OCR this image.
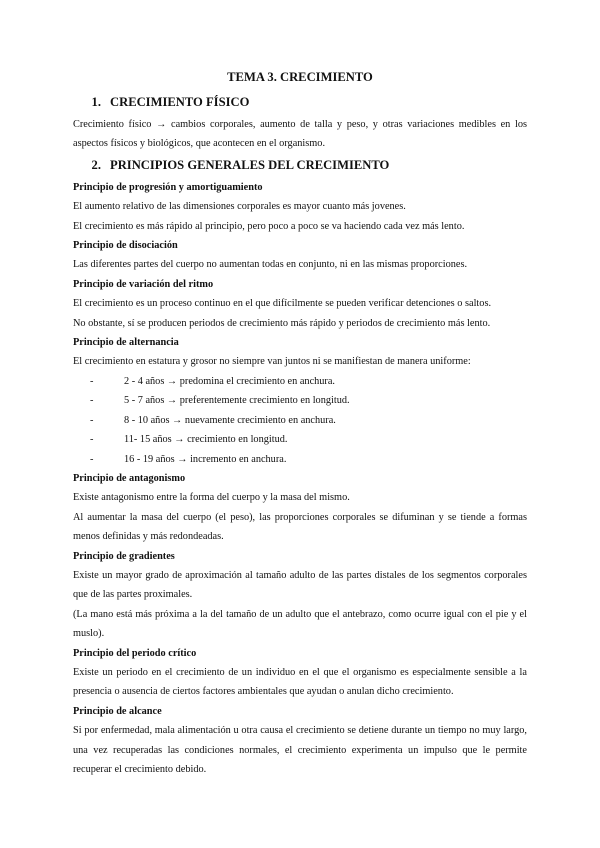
TEMA 3. CRECIMIENTO
1. CRECIMIENTO FÍSICO

Crecimiento físico → cambios corporales, aumento de talla y peso, y otras variaciones medibles en los aspectos físicos y biológicos, que acontecen en el organismo.

2. PRINCIPIOS GENERALES DEL CRECIMIENTO

Principio de progresión y amortiguamiento

El aumento relativo de las dimensiones corporales es mayor cuanto más jovenes.

El crecimiento es más rápido al principio, pero poco a poco se va haciendo cada vez más lento.

Principio de disociación

Las diferentes partes del cuerpo no aumentan todas en conjunto, ni en las mismas proporciones.

Principio de variación del ritmo

El crecimiento es un proceso continuo en el que difícilmente se pueden verificar detenciones o saltos.

No obstante, sí se producen periodos de crecimiento más rápido y periodos de crecimiento más lento.

Principio de alternancia

El crecimiento en estatura y grosor no siempre van juntos ni se manifiestan de manera uniforme:

-	2 - 4 años → predomina el crecimiento en anchura.
-	5 - 7 años → preferentemente crecimiento en longitud.
-	8 - 10 años → nuevamente crecimiento en anchura.
-	11- 15 años → crecimiento en longitud.
-	16 - 19 años → incremento en anchura.

Principio de antagonismo

Existe antagonismo entre la forma del cuerpo y la masa del mismo.

Al aumentar la masa del cuerpo (el peso), las proporciones corporales se difuminan y se tiende a formas menos definidas y más redondeadas.

Principio de gradientes

Existe un mayor grado de aproximación al tamaño adulto de las partes distales de los segmentos corporales que de las partes proximales.

(La mano está más próxima a la del tamaño de un adulto que el antebrazo, como ocurre igual con el pie y el muslo).

Principio del periodo crítico

Existe un periodo en el crecimiento de un individuo en el que el organismo es especialmente sensible a la presencia o ausencia de ciertos factores ambientales que ayudan o anulan dicho crecimiento.

Principio de alcance

Si por enfermedad, mala alimentación u otra causa el crecimiento se detiene durante un tiempo no muy largo, una vez recuperadas las condiciones normales, el crecimiento experimenta un impulso que le permite recuperar el crecimiento debido.
